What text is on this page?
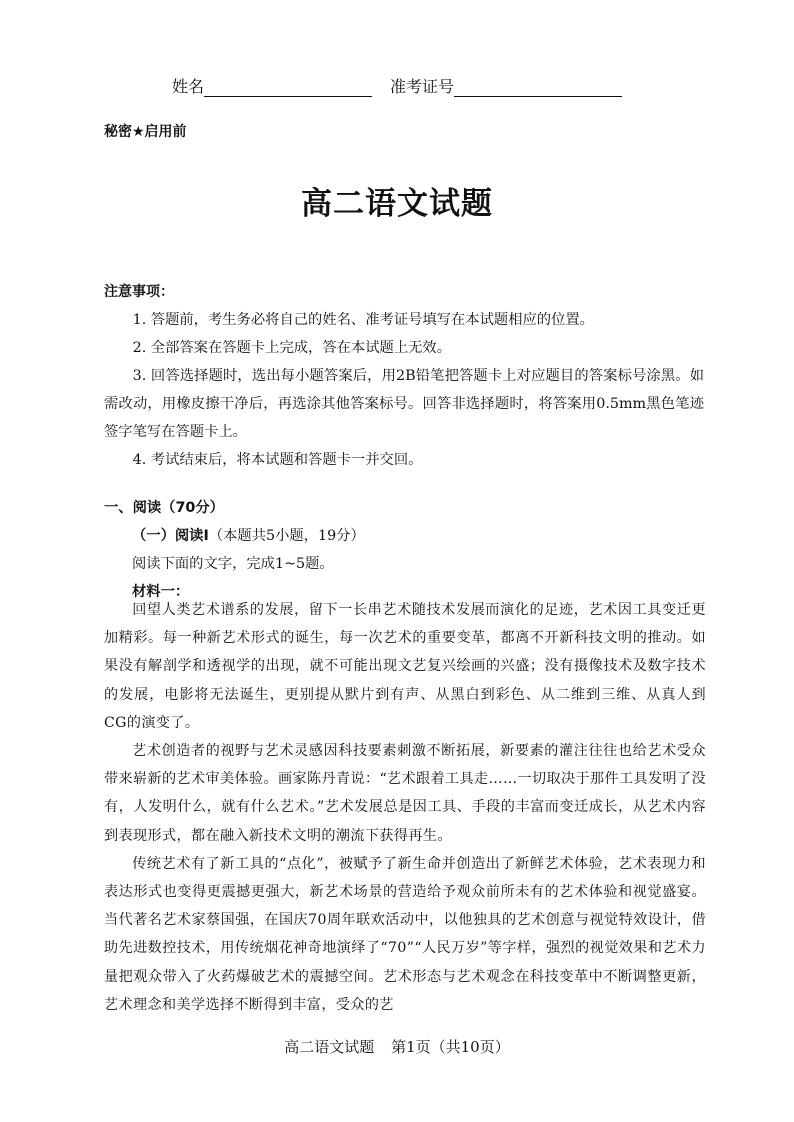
姓名	准考证号
秘密★启用前
高二语文试题
注意事项：

1. 答题前，考生务必将自己的姓名、准考证号填写在本试题相应的位置。

2. 全部答案在答题卡上完成，答在本试题上无效。

3. 回答选择题时，选出每小题答案后，用2B铅笔把答题卡上对应题目的答案标号涂黑。如需改动，用橡皮擦干净后，再选涂其他答案标号。回答非选择题时，将答案用0.5mm黑色笔迹签字笔写在答题卡上。

4. 考试结束后，将本试题和答题卡一并交回。

一、阅读（70分）
（一）阅读Ⅰ（本题共5小题，19分）
阅读下面的文字，完成1~5题。
材料一：

回望人类艺术谱系的发展，留下一长串艺术随技术发展而演化的足迹，艺术因工具变迁更加精彩。每一种新艺术形式的诞生，每一次艺术的重要变革，都离不开新科技文明的推动。如果没有解剖学和透视学的出现，就不可能出现文艺复兴绘画的兴盛；没有摄像技术及数字技术的发展，电影将无法诞生，更别提从默片到有声、从黑白到彩色、从二维到三维、从真人到CG的演变了。

艺术创造者的视野与艺术灵感因科技要素刺激不断拓展，新要素的灌注往往也给艺术受众带来崭新的艺术审美体验。画家陈丹青说：“艺术跟着工具走……一切取决于那件工具发明了没有，人发明什么，就有什么艺术。”艺术发展总是因工具、手段的丰富而变迁成长，从艺术内容到表现形式，都在融入新技术文明的潮流下获得再生。

传统艺术有了新工具的“点化”，被赋予了新生命并创造出了新鲜艺术体验，艺术表现力和表达形式也变得更震撼更强大，新艺术场景的营造给予观众前所未有的艺术体验和视觉盛宴。当代著名艺术家蔡国强，在国庆70周年联欢活动中，以他独具的艺术创意与视觉特效设计，借助先进数控技术，用传统烟花神奇地演绎了“70”“人民万岁”等字样，强烈的视觉效果和艺术力量把观众带入了火药爆破艺术的震撼空间。艺术形态与艺术观念在科技变革中不断调整更新，艺术理念和美学选择不断得到丰富，受众的艺

高二语文试题 第1页（共10页）
